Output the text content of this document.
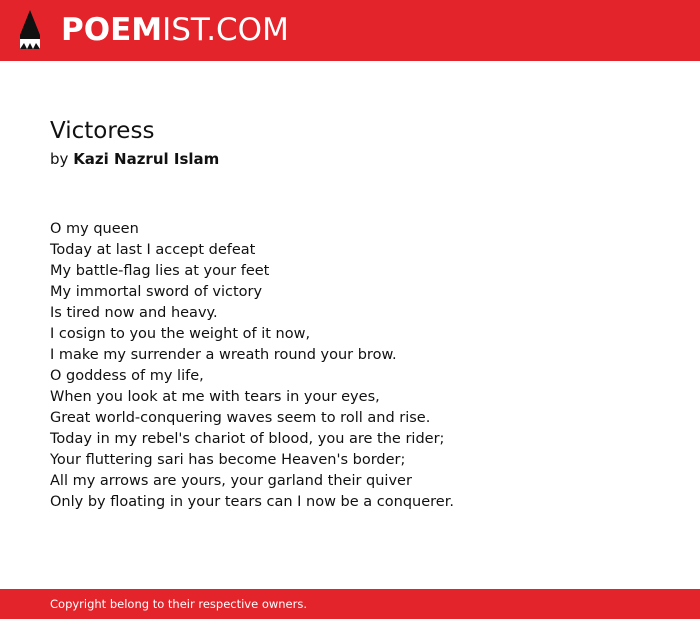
POEMIST.COM
Victoress
by Kazi Nazrul Islam
O my queen
Today at last I accept defeat
My battle-flag lies at your feet
My immortal sword of victory
Is tired now and heavy.
I cosign to you the weight of it now,
I make my surrender a wreath round your brow.
O goddess of my life,
When you look at me with tears in your eyes,
Great world-conquering waves seem to roll and rise.
Today in my rebel's chariot of blood, you are the rider;
Your fluttering sari has become Heaven's border;
All my arrows are yours, your garland their quiver
Only by floating in your tears can I now be a conquerer.
Copyright belong to their respective owners.
